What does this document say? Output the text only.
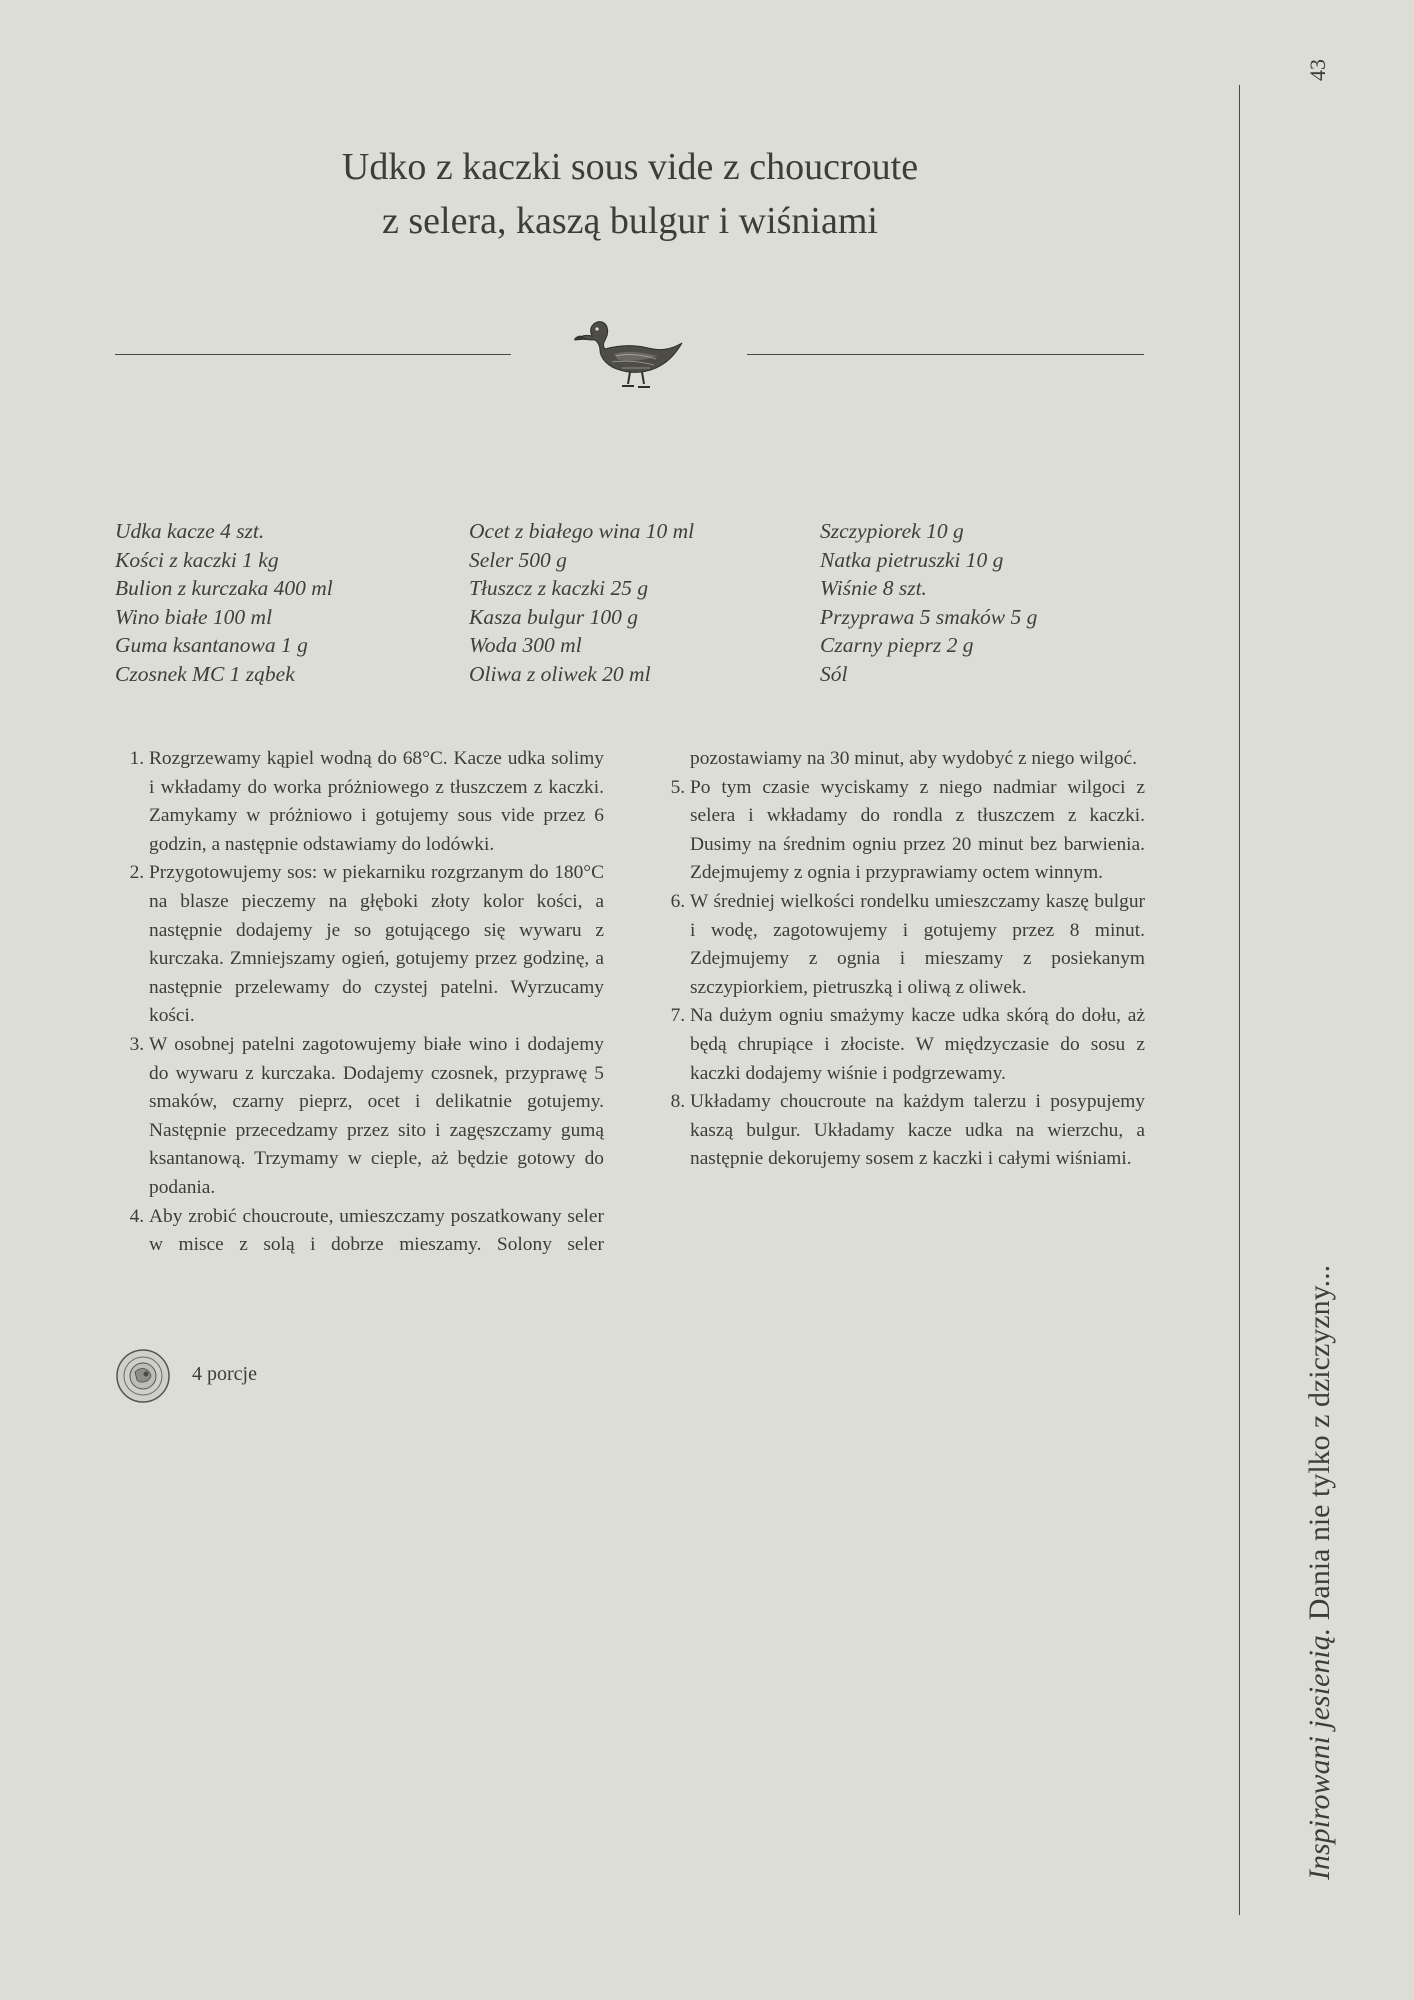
Udko z kaczki sous vide z choucroute
z selera, kaszą bulgur i wiśniami
Udka kacze 4 szt.
Kości z kaczki 1 kg
Bulion z kurczaka 400 ml
Wino białe 100 ml
Guma ksantanowa 1 g
Czosnek MC 1 ząbek
Ocet z białego wina 10 ml
Seler 500 g
Tłuszcz z kaczki 25 g
Kasza bulgur 100 g
Woda 300 ml
Oliwa z oliwek 20 ml
Szczypiorek 10 g
Natka pietruszki 10 g
Wiśnie 8 szt.
Przyprawa 5 smaków 5 g
Czarny pieprz 2 g
Sól
1. Rozgrzewamy kąpiel wodną do 68°C. Kacze udka solimy i wkładamy do worka próżniowego z tłuszczem z kaczki. Zamykamy w próżniowo i gotujemy sous vide przez 6 godzin, a następnie odstawiamy do lodówki.
2. Przygotowujemy sos: w piekarniku rozgrzanym do 180°C na blasze pieczemy na głęboki złoty kolor kości, a następnie dodajemy je so gotującego się wywaru z kurczaka. Zmniejszamy ogień, gotujemy przez godzinę, a następnie przelewamy do czystej patelni. Wyrzucamy kości.
3. W osobnej patelni zagotowujemy białe wino i dodajemy do wywaru z kurczaka. Dodajemy czosnek, przyprawę 5 smaków, czarny pieprz, ocet i delikatnie gotujemy. Następnie przecedzamy przez sito i zagęszczamy gumą ksantanową. Trzymamy w cieple, aż będzie gotowy do podania.
4. Aby zrobić choucroute, umieszczamy poszatkowany seler w misce z solą i dobrze mieszamy. Solony seler pozostawiamy na 30 minut, aby wydobyć z niego wilgoć.
5. Po tym czasie wyciskamy z niego nadmiar wilgoci z selera i wkładamy do rondla z tłuszczem z kaczki. Dusimy na średnim ogniu przez 20 minut bez barwienia. Zdejmujemy z ognia i przyprawiamy octem winnym.
6. W średniej wielkości rondelku umieszczamy kaszę bulgur i wodę, zagotowujemy i gotujemy przez 8 minut. Zdejmujemy z ognia i mieszamy z posiekanym szczypiorkiem, pietruszką i oliwą z oliwek.
7. Na dużym ogniu smażymy kacze udka skórą do dołu, aż będą chrupiące i złociste. W międzyczasie do sosu z kaczki dodajemy wiśnie i podgrzewamy.
8. Układamy choucroute na każdym talerzu i posypujemy kaszą bulgur. Układamy kacze udka na wierzchu, a następnie dekorujemy sosem z kaczki i całymi wiśniami.
4 porcje
43
Inspirowani jesienią. Dania nie tylko z dziczyzny...
